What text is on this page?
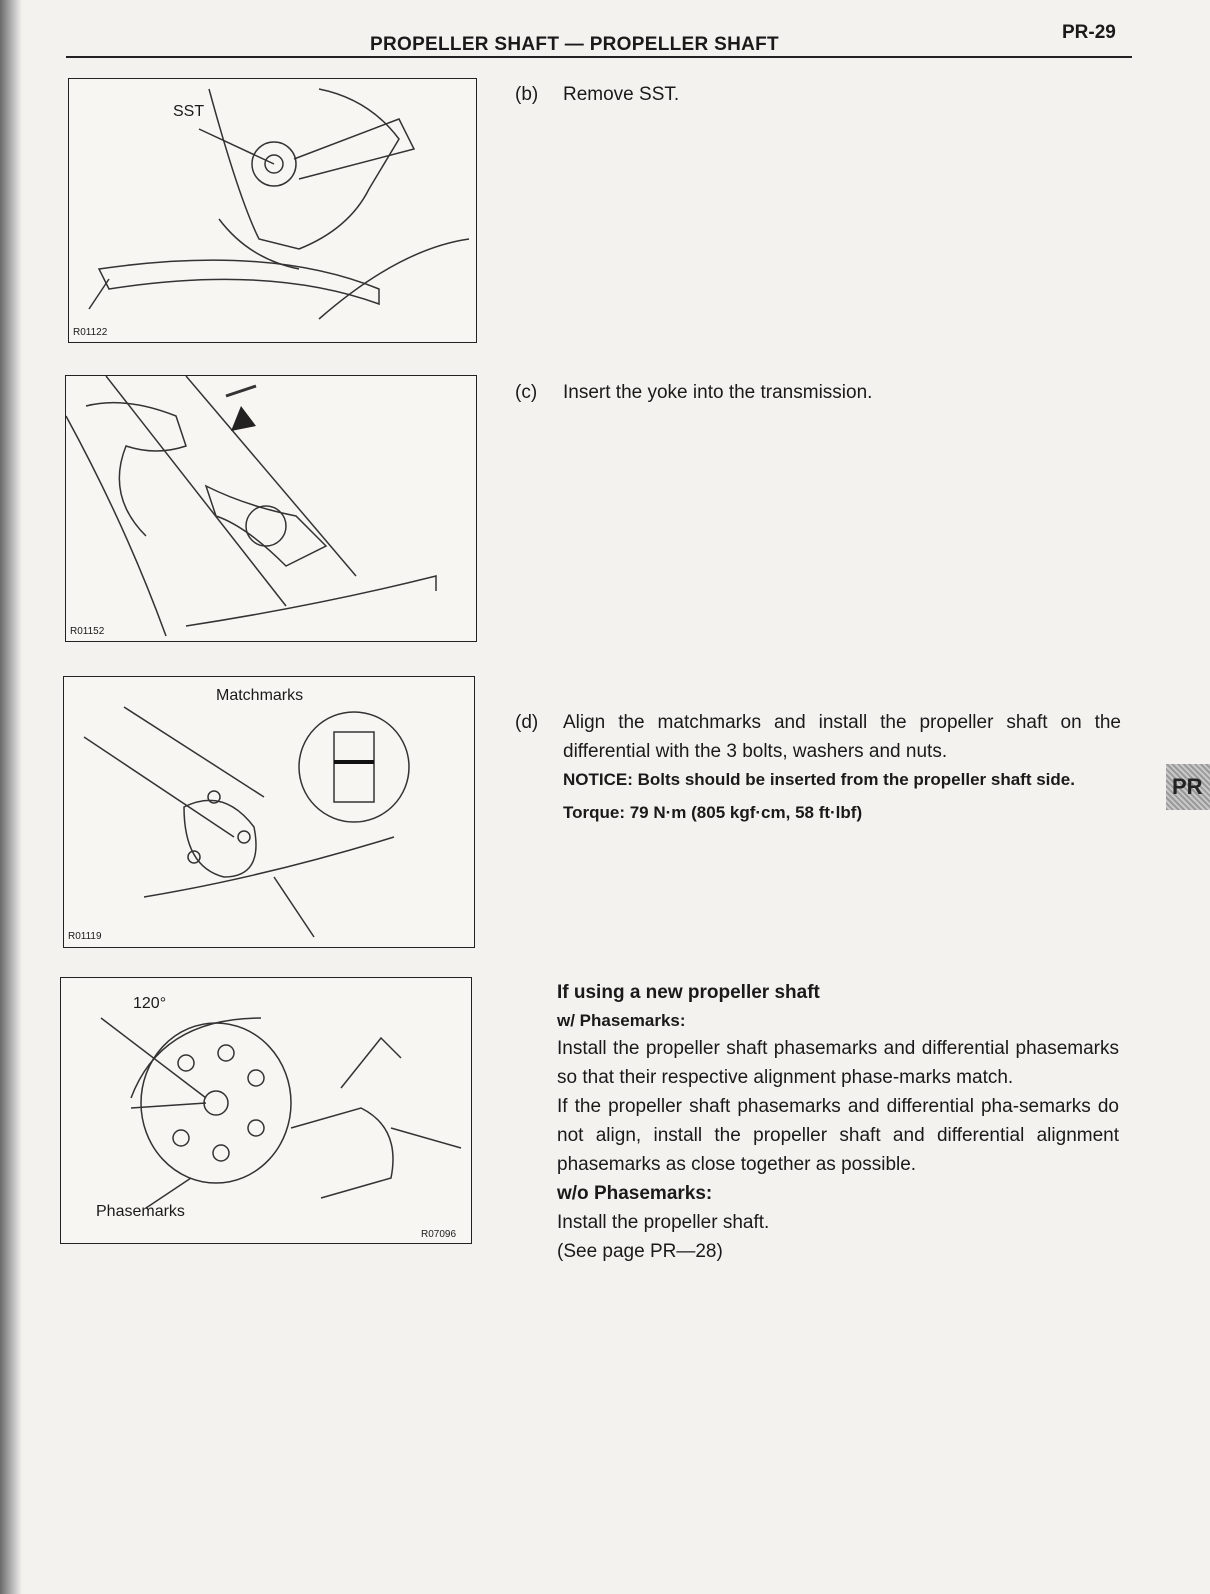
PROPELLER SHAFT — PROPELLER SHAFT
PR-29
PR
SST
R01122
R01152
Matchmarks
R01119
120°
Phasemarks
R07096
(b) Remove SST.
(c) Insert the yoke into the transmission.
(d) Align the matchmarks and install the propeller shaft on the differential with the 3 bolts, washers and nuts.
NOTICE: Bolts should be inserted from the propeller shaft side.
Torque: 79 N·m (805 kgf·cm, 58 ft·lbf)
If using a new propeller shaft
w/ Phasemarks:
Install the propeller shaft phasemarks and differential phasemarks so that their respective alignment phase-marks match.
If the propeller shaft phasemarks and differential pha-semarks do not align, install the propeller shaft and differential alignment phasemarks as close together as possible.
w/o Phasemarks:
Install the propeller shaft.
(See page PR—28)
